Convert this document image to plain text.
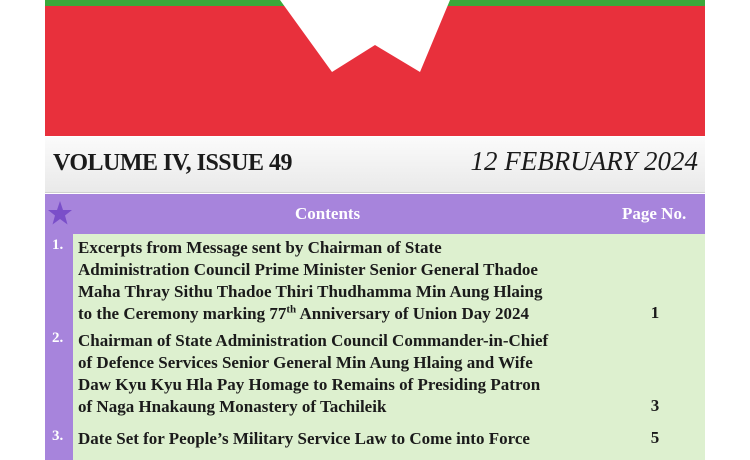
VOLUME IV, ISSUE 49	12 FEBRUARY 2024
Contents	Page No.
1. Excerpts from Message sent by Chairman of State
Administration Council Prime Minister Senior General Thadoe
Maha Thray Sithu Thadoe Thiri Thudhamma Min Aung Hlaing
to the Ceremony marking 77th Anniversary of Union Day 2024	1
2. Chairman of State Administration Council Commander-in-Chief
of Defence Services Senior General Min Aung Hlaing and Wife
Daw Kyu Kyu Hla Pay Homage to Remains of Presiding Patron
of Naga Hnakaung Monastery of Tachileik	3
3. Date Set for People’s Military Service Law to Come into Force	5
